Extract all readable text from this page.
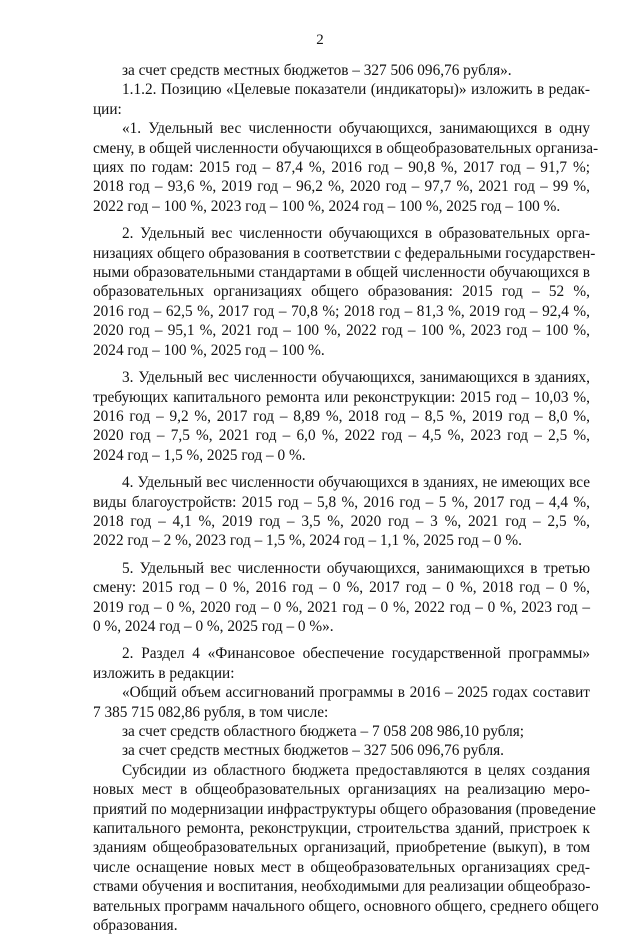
2
за счет средств местных бюджетов – 327 506 096,76 рубля».
1.1.2. Позицию «Целевые показатели (индикаторы)» изложить в редак-
ции:
«1. Удельный вес численности обучающихся, занимающихся в одну
смену, в общей численности обучающихся в общеобразовательных организа-
циях по годам: 2015 год – 87,4 %, 2016 год – 90,8 %, 2017 год – 91,7 %;
2018 год – 93,6 %, 2019 год – 96,2 %, 2020 год – 97,7 %, 2021 год – 99 %,
2022 год – 100 %, 2023 год – 100 %, 2024 год – 100 %, 2025 год – 100 %.
2. Удельный вес численности обучающихся в образовательных орга-
низациях общего образования в соответствии с федеральными государствен-
ными образовательными стандартами в общей численности обучающихся в
образовательных организациях общего образования: 2015 год – 52 %,
2016 год – 62,5 %, 2017 год – 70,8 %; 2018 год – 81,3 %, 2019 год – 92,4 %,
2020 год – 95,1 %, 2021 год – 100 %, 2022 год – 100 %, 2023 год – 100 %,
2024 год – 100 %, 2025 год – 100 %.
3. Удельный вес численности обучающихся, занимающихся в зданиях,
требующих капитального ремонта или реконструкции: 2015 год – 10,03 %,
2016 год – 9,2 %, 2017 год – 8,89 %, 2018 год – 8,5 %, 2019 год – 8,0 %,
2020 год – 7,5 %, 2021 год – 6,0 %, 2022 год – 4,5 %, 2023 год – 2,5 %,
2024 год – 1,5 %, 2025 год – 0 %.
4. Удельный вес численности обучающихся в зданиях, не имеющих все
виды благоустройств: 2015 год – 5,8 %, 2016 год – 5 %, 2017 год – 4,4 %,
2018 год – 4,1 %, 2019 год – 3,5 %, 2020 год – 3 %, 2021 год – 2,5 %,
2022 год – 2 %, 2023 год – 1,5 %, 2024 год – 1,1 %, 2025 год – 0 %.
5. Удельный вес численности обучающихся, занимающихся в третью
смену: 2015 год – 0 %, 2016 год – 0 %, 2017 год – 0 %, 2018 год – 0 %,
2019 год – 0 %, 2020 год – 0 %, 2021 год – 0 %, 2022 год – 0 %, 2023 год –
0 %, 2024 год – 0 %, 2025 год – 0 %».
2. Раздел 4 «Финансовое обеспечение государственной программы»
изложить в редакции:
«Общий объем ассигнований программы в 2016 – 2025 годах составит
7 385 715 082,86 рубля, в том числе:
за счет средств областного бюджета – 7 058 208 986,10 рубля;
за счет средств местных бюджетов – 327 506 096,76 рубля.
Субсидии из областного бюджета предоставляются в целях создания
новых мест в общеобразовательных организациях на реализацию меро-
приятий по модернизации инфраструктуры общего образования (проведение
капитального ремонта, реконструкции, строительства зданий, пристроек к
зданиям общеобразовательных организаций, приобретение (выкуп), в том
числе оснащение новых мест в общеобразовательных организациях сред-
ствами обучения и воспитания, необходимыми для реализации общеобразо-
вательных программ начального общего, основного общего, среднего общего
образования.
